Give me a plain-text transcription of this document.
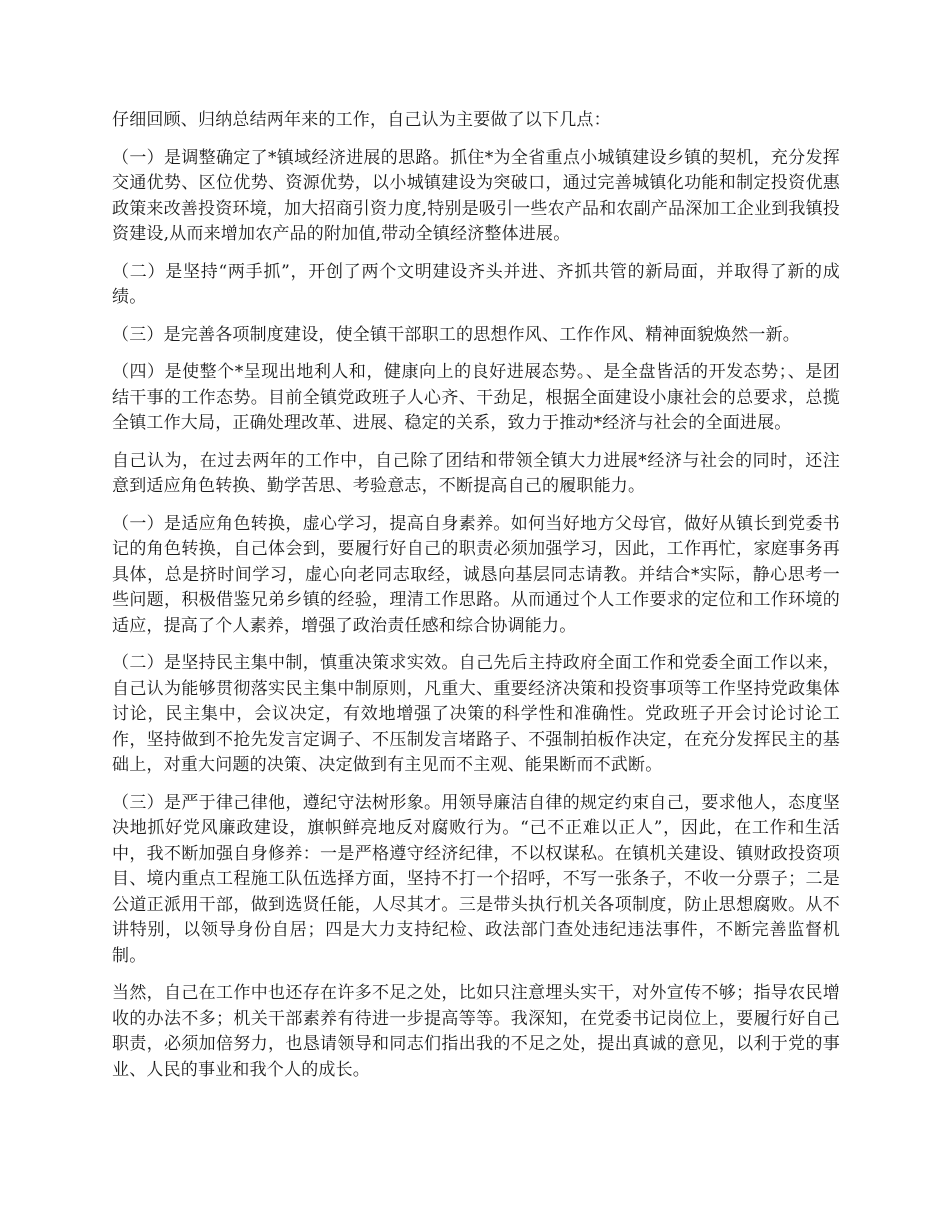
仔细回顾、归纳总结两年来的工作，自己认为主要做了以下几点：

（一）是调整确定了*镇域经济进展的思路。抓住*为全省重点小城镇建设乡镇的契机，充分发挥交通优势、区位优势、资源优势，以小城镇建设为突破口，通过完善城镇化功能和制定投资优惠政策来改善投资环境，加大招商引资力度,特别是吸引一些农产品和农副产品深加工企业到我镇投资建设,从而来增加农产品的附加值,带动全镇经济整体进展。

（二）是坚持“两手抓”，开创了两个文明建设齐头并进、齐抓共管的新局面，并取得了新的成绩。

（三）是完善各项制度建设，使全镇干部职工的思想作风、工作作风、精神面貌焕然一新。

（四）是使整个*呈现出地利人和，健康向上的良好进展态势。、是全盘皆活的开发态势；、是团结干事的工作态势。目前全镇党政班子人心齐、干劲足，根据全面建设小康社会的总要求，总揽全镇工作大局，正确处理改革、进展、稳定的关系，致力于推动*经济与社会的全面进展。

自己认为，在过去两年的工作中，自己除了团结和带领全镇大力进展*经济与社会的同时，还注意到适应角色转换、勤学苦思、考验意志，不断提高自己的履职能力。

（一）是适应角色转换，虚心学习，提高自身素养。如何当好地方父母官，做好从镇长到党委书记的角色转换，自己体会到，要履行好自己的职责必须加强学习，因此，工作再忙，家庭事务再具体，总是挤时间学习，虚心向老同志取经，诚恳向基层同志请教。并结合*实际，静心思考一些问题，积极借鉴兄弟乡镇的经验，理清工作思路。从而通过个人工作要求的定位和工作环境的适应，提高了个人素养，增强了政治责任感和综合协调能力。

（二）是坚持民主集中制，慎重决策求实效。自己先后主持政府全面工作和党委全面工作以来，自己认为能够贯彻落实民主集中制原则，凡重大、重要经济决策和投资事项等工作坚持党政集体讨论，民主集中，会议决定，有效地增强了决策的科学性和准确性。党政班子开会讨论讨论工作，坚持做到不抢先发言定调子、不压制发言堵路子、不强制拍板作决定，在充分发挥民主的基础上，对重大问题的决策、决定做到有主见而不主观、能果断而不武断。

（三）是严于律己律他，遵纪守法树形象。用领导廉洁自律的规定约束自己，要求他人，态度坚决地抓好党风廉政建设，旗帜鲜亮地反对腐败行为。“己不正难以正人”，因此，在工作和生活中，我不断加强自身修养：一是严格遵守经济纪律，不以权谋私。在镇机关建设、镇财政投资项目、境内重点工程施工队伍选择方面，坚持不打一个招呼，不写一张条子，不收一分票子；二是公道正派用干部，做到选贤任能，人尽其才。三是带头执行机关各项制度，防止思想腐败。从不讲特别，以领导身份自居；四是大力支持纪检、政法部门查处违纪违法事件，不断完善监督机制。

当然，自己在工作中也还存在许多不足之处，比如只注意埋头实干，对外宣传不够；指导农民增收的办法不多；机关干部素养有待进一步提高等等。我深知，在党委书记岗位上，要履行好自己职责，必须加倍努力，也恳请领导和同志们指出我的不足之处，提出真诚的意见，以利于党的事业、人民的事业和我个人的成长。
